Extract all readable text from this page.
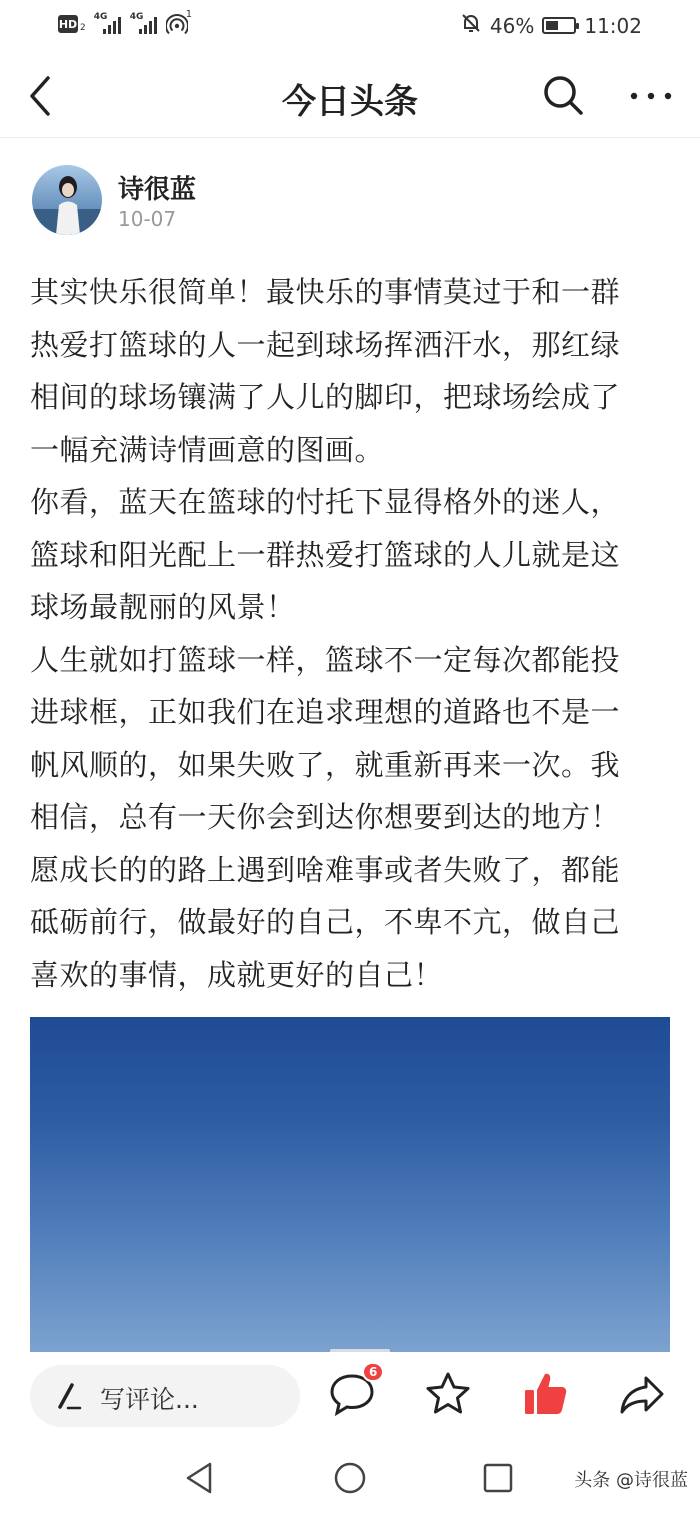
HD 2
4G 4G	1	46%	11:02
今日头条
诗很蓝
10-07

其实快乐很简单！最快乐的事情莫过于和一群

热爱打篮球的人一起到球场挥洒汗水，那红绿

相间的球场镶满了人儿的脚印，把球场绘成了

一幅充满诗情画意的图画。

你看，蓝天在篮球的忖托下显得格外的迷人，

篮球和阳光配上一群热爱打篮球的人儿就是这

球场最靓丽的风景！

人生就如打篮球一样，篮球不一定每次都能投

进球框，正如我们在追求理想的道路也不是一

帆风顺的，如果失败了，就重新再来一次。我

相信，总有一天你会到达你想要到达的地方！

愿成长的的路上遇到啥难事或者失败了，都能

砥砺前行，做最好的自己，不卑不亢，做自己

喜欢的事情，成就更好的自己！

写评论...
6
头条 @诗很蓝
